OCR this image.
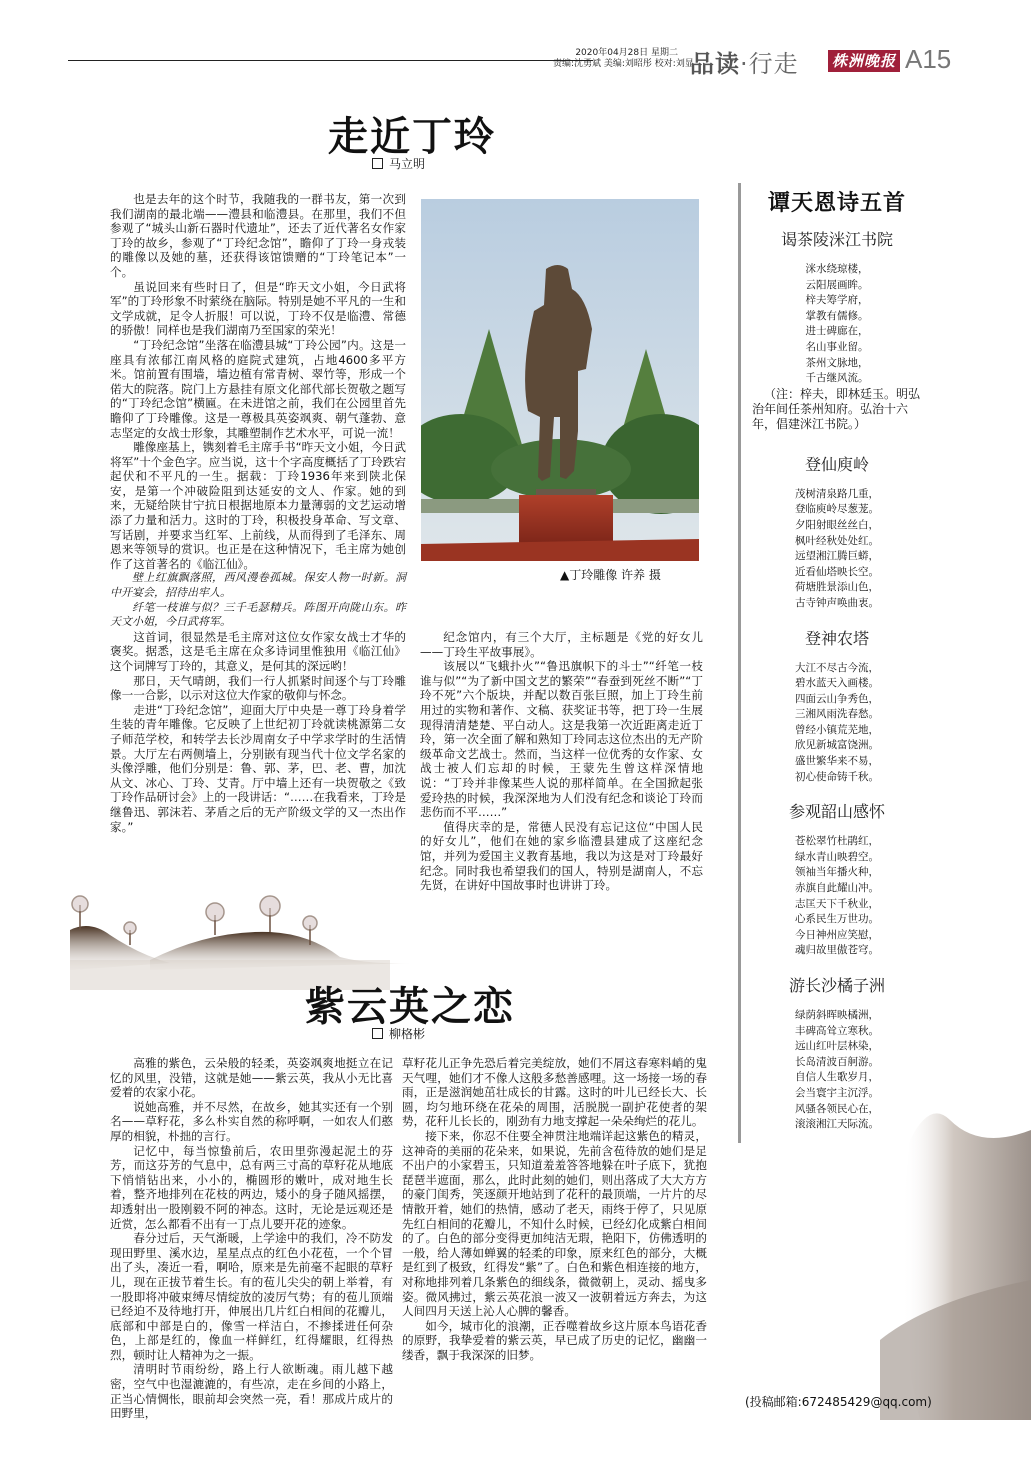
2020年04月28日 星期二
责编:沈勇斌 美编:刘昭彤 校对:刘显
品读·行走 株洲晚报 A15
走近丁玲
马立明

也是去年的这个时节，我随我的一群书友，第一次到我们湖南的最北端——澧县和临澧县。在那里，我们不但参观了“城头山新石器时代遗址”，还去了近代著名女作家丁玲的故乡，参观了“丁玲纪念馆”，瞻仰了丁玲一身戎装的雕像以及她的墓，还获得该馆馈赠的“丁玲笔记本”一个。

虽说回来有些时日了，但是“昨天文小姐，今日武将军”的丁玲形象不时萦绕在脑际。特别是她不平凡的一生和文学成就，足令人折服！可以说，丁玲不仅是临澧、常德的骄傲！同样也是我们湖南乃至国家的荣光！

“丁玲纪念馆”坐落在临澧县城“丁玲公园”内。这是一座具有浓郁江南风格的庭院式建筑，占地4600多平方米。馆前置有围墙，墙边植有常青树、翠竹等，形成一个偌大的院落。院门上方悬挂有原文化部代部长贺敬之题写的“丁玲纪念馆”横匾。在未进馆之前，我们在公园里首先瞻仰了丁玲雕像。这是一尊极具英姿飒爽、朝气蓬勃、意志坚定的女战士形象，其雕塑制作艺术水平，可说一流！

雕像座基上，镌刻着毛主席手书“昨天文小姐，今日武将军”十个金色字。应当说，这十个字高度概括了丁玲跌宕起伏和不平凡的一生。据载：丁玲1936年来到陕北保安，是第一个冲破险阻到达延安的文人、作家。她的到来，无疑给陕甘宁抗日根据地原本力量薄弱的文艺运动增添了力量和活力。这时的丁玲，积极投身革命、写文章、写话剧，并要求当红军、上前线，从而得到了毛泽东、周恩来等领导的赏识。也正是在这种情况下，毛主席为她创作了这首著名的《临江仙》。

壁上红旗飘落照，西风漫卷孤城。保安人物一时新。洞中开宴会，招待出牢人。

纤笔一枝谁与似？三千毛瑟精兵。阵图开向陇山东。昨天文小姐，今日武将军。

这首词，很显然是毛主席对这位女作家女战士才华的褒奖。据悉，这是毛主席在众多诗词里惟独用《临江仙》这个词牌写丁玲的，其意义，是何其的深远哟！

那日，天气晴朗，我们一行人抓紧时间逐个与丁玲雕像一一合影，以示对这位大作家的敬仰与怀念。

走进“丁玲纪念馆”，迎面大厅中央是一尊丁玲身着学生装的青年雕像。它反映了上世纪初丁玲就读桃源第二女子师范学校，和转学去长沙周南女子中学求学时的生活情景。大厅左右两侧墙上，分别嵌有现当代十位文学名家的头像浮雕，他们分别是：鲁、郭、茅，巴、老、曹，加沈从文、冰心、丁玲、艾青。厅中墙上还有一块贺敬之《致丁玲作品研讨会》上的一段讲话：“……在我看来，丁玲是继鲁迅、郭沫若、茅盾之后的无产阶级文学的又一杰出作家。”

▲丁玲雕像 许养 摄

纪念馆内，有三个大厅，主标题是《党的好女儿——丁玲生平故事展》。

该展以“飞蛾扑火”“鲁迅旗帜下的斗士”“纤笔一枝谁与似”“为了新中国文艺的繁荣”“春蚕到死丝不断”“丁玲不死”六个版块，并配以数百张巨照，加上丁玲生前用过的实物和著作、文稿、获奖证书等，把丁玲一生展现得清清楚楚、平白动人。这是我第一次近距离走近丁玲，第一次全面了解和熟知丁玲同志这位杰出的无产阶级革命文艺战士。然而，当这样一位优秀的女作家、女战士被人们忘却的时候，王蒙先生曾这样深情地说：“丁玲并非像某些人说的那样简单。在全国掀起张爱玲热的时候，我深深地为人们没有纪念和谈论丁玲而悲伤而不平……”

值得庆幸的是，常德人民没有忘记这位“中国人民的好女儿”，他们在她的家乡临澧县建成了这座纪念馆，并列为爱国主义教育基地，我以为这是对丁玲最好纪念。同时我也希望我们的国人，特别是湖南人，不忘先贤，在讲好中国故事时也讲讲丁玲。

紫云英之恋
柳格彬

高雅的紫色，云朵般的轻柔，英姿飒爽地挺立在记忆的风里，没错，这就是她——紫云英，我从小无比喜爱着的农家小花。

说她高雅，并不尽然，在故乡，她其实还有一个别名——草籽花，多么朴实自然的称呼啊，一如农人们憨厚的相貌，朴拙的言行。

记忆中，每当惊蛰前后，农田里弥漫起泥土的芬芳，而这芬芳的气息中，总有两三寸高的草籽花从地底下悄悄钻出来，小小的，椭圆形的嫩叶，成对地生长着，整齐地排列在花枝的两边，矮小的身子随风摇摆，却透射出一股刚毅不阿的神态。这时，无论是远观还是近赏，怎么都看不出有一丁点儿要开花的迹象。

春分过后，天气渐暖，上学途中的我们，冷不防发现田野里、溪水边，星星点点的红色小花苞，一个个冒出了头，凑近一看，啊哈，原来是先前毫不起眼的草籽儿，现在正拔节着生长。有的苞儿尖尖的朝上举着，有一股即将冲破束缚尽情绽放的凌厉气势；有的苞儿顶端已经迫不及待地打开，伸展出几片红白相间的花瓣儿，底部和中部是白的，像雪一样洁白，不掺揉进任何杂色，上部是红的，像血一样鲜红，红得耀眼，红得热烈，顿时让人精神为之一振。

清明时节雨纷纷，路上行人欲断魂。雨儿越下越密，空气中也湿漉漉的，有些凉，走在乡间的小路上，正当心情惆怅，眼前却会突然一亮，看！那成片成片的田野里，

草籽花儿正争先恐后着完美绽放，她们不屑这春寒料峭的鬼天气哩，她们才不像人这般多愁善感哩。这一场接一场的春雨，正是滋润她茁壮成长的甘露。这时的叶儿已经长大、长圆，均匀地环绕在花朵的周围，活脱脱一副护花使者的架势，花秆儿长长的，刚劲有力地支撑起一朵朵绚烂的花儿。

接下来，你忍不住要全神贯注地端详起这紫色的精灵，这神奇的美丽的花朵来，如果说，先前含苞待放的她们是足不出户的小家碧玉，只知道羞羞答答地躲在叶子底下，犹抱琵琶半遮面，那么，此时此刻的她们，则出落成了大大方方的豪门闺秀，笑逐颜开地站到了花秆的最顶端，一片片的尽情散开着，她们的热情，感动了老天，雨终于停了，只见原先红白相间的花瓣儿，不知什么时候，已经幻化成紫白相间的了。白色的部分变得更加纯洁无瑕，艳阳下，仿佛透明的一般，给人薄如蝉翼的轻柔的印象，原来红色的部分，大概是红到了极致，红得发“紫”了。白色和紫色相连接的地方，对称地排列着几条紫色的细线条，微微朝上，灵动、摇曳多姿。微风拂过，紫云英花浪一波又一波朝着远方奔去，为这人间四月天送上沁人心脾的馨香。

如今，城市化的浪潮，正吞噬着故乡这片原本鸟语花香的原野，我挚爱着的紫云英，早已成了历史的记忆，幽幽一缕香，飘于我深深的旧梦。

谭天恩诗五首
谒茶陵洣江书院
洣水绕琼楼，
云阳展画眸。
梓夫筹学府，
掌教有儒修。
进士碑廊在，
名山事业留。
茶州文脉地，
千古继风流。
（注：梓夫，即林廷玉。明弘治年间任茶州知府。弘治十六年，倡建洣江书院。）
登仙庾岭
茂树清泉路几重，
登临庾岭尽葱茏。
夕阳射眼丝丝白，
枫叶经秋处处红。
远望湘江腾巨蟒，
近看仙塔映长空。
荷塘胜景添山色，
古寺钟声唤曲衷。
登神农塔
大江不尽古今流，
碧水蓝天入画楼。
四面云山争秀色，
三湘风雨洗春愁。
曾经小镇荒芜地，
欣见新城富饶洲。
盛世繁华来不易，
初心使命铸千秋。
参观韶山感怀
苍松翠竹杜鹃红，
绿水青山映碧空。
领袖当年播火种，
赤旗自此耀山冲。
志匡天下千秋业，
心系民生万世功。
今日神州应笑慰，
魂归故里傲苍穹。
游长沙橘子洲
绿荫斜晖映橘洲，
丰碑高耸立寒秋。
远山红叶层林染，
长岛清波百舸游。
自信人生歌岁月，
会当寰宇主沉浮。
风骚各领民心在，
滚滚湘江天际流。
(投稿邮箱:672485429@qq.com)
